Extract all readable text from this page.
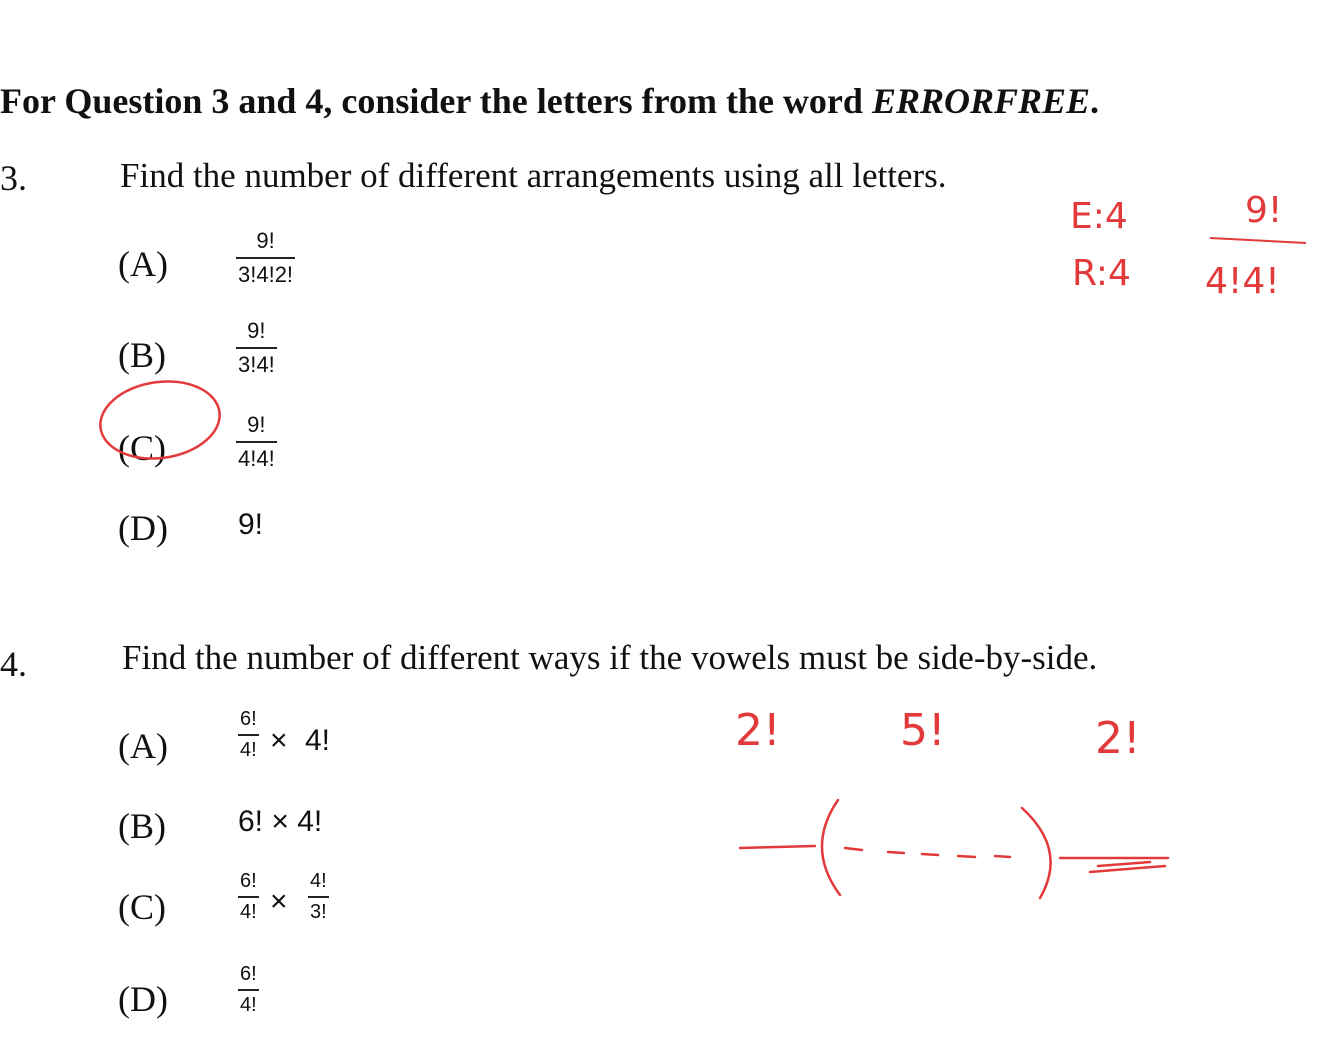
For Question 3 and 4, consider the letters from the word ERRORFREE.
3.	Find the number of different arrangements using all letters.
(A)
9!
3!4!2!
(B)
9!
3!4!
(C)
9!
4!4!
(D) 9!
4.	Find the number of different ways if the vowels must be side-by-side.
(A)
6!
4! × 4!
(B) 6! × 4!
(C)
6!
4! ×
4!
3!
(D)
6!
4!
E:4
R:4
9!
4!4!
2!	5!	2!
